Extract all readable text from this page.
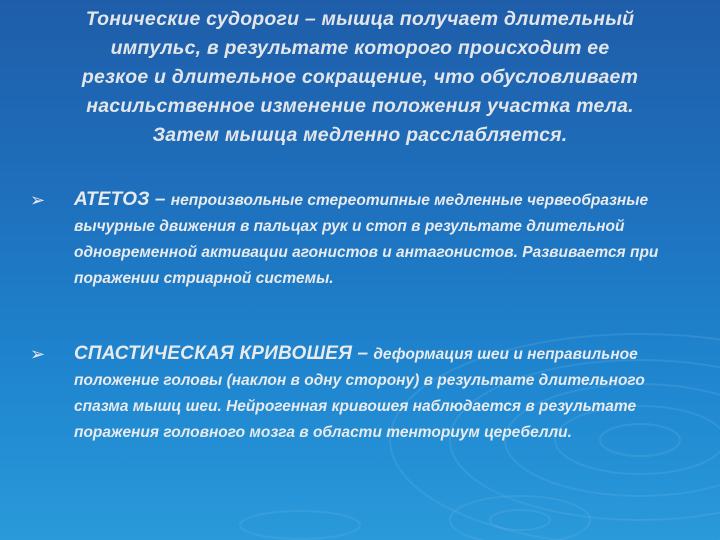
Тонические судороги – мышца получает длительный
импульс, в результате которого происходит ее
резкое и длительное сокращение, что обусловливает
насильственное изменение положения участка тела.
Затем мышца медленно расслабляется.
➢ АТЕТОЗ – непроизвольные стереотипные медленные червеобразные вычурные движения в пальцах рук и стоп в результате длительной одновременной активации агонистов и антагонистов. Развивается при поражении стриарной системы.
➢ СПАСТИЧЕСКАЯ КРИВОШЕЯ – деформация шеи и неправильное положение головы (наклон в одну сторону) в результате длительного спазма мышц шеи. Нейрогенная кривошея наблюдается в результате поражения головного мозга в области тенториум церебелли.
